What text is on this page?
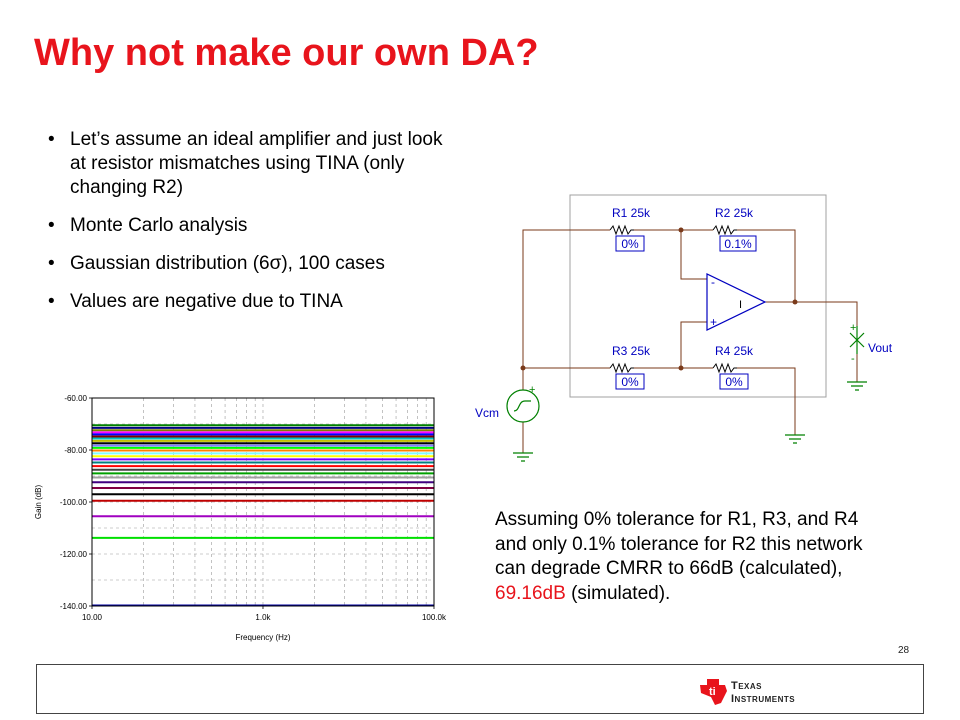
Why not make our own DA?
• Let’s assume an ideal amplifier and just look at resistor mismatches using TINA (only changing R2)
• Monte Carlo analysis
• Gaussian distribution (6σ), 100 cases
• Values are negative due to TINA
-60.00
-80.00
-100.00
-120.00
-140.00
10.00	1.0k	100.0k
Frequency (Hz)
Gain (dB)
R1 25k	R2 25k
R3 25k	R4 25k
0%	0.1%
0%	0%
Vcm
Vout
-
+
I
+
+
-

Assuming 0% tolerance for R1, R3, and R4 and only 0.1% tolerance for R2 this network can degrade CMRR to 66dB (calculated), 69.16dB (simulated).

28
ti Texas
Instruments
